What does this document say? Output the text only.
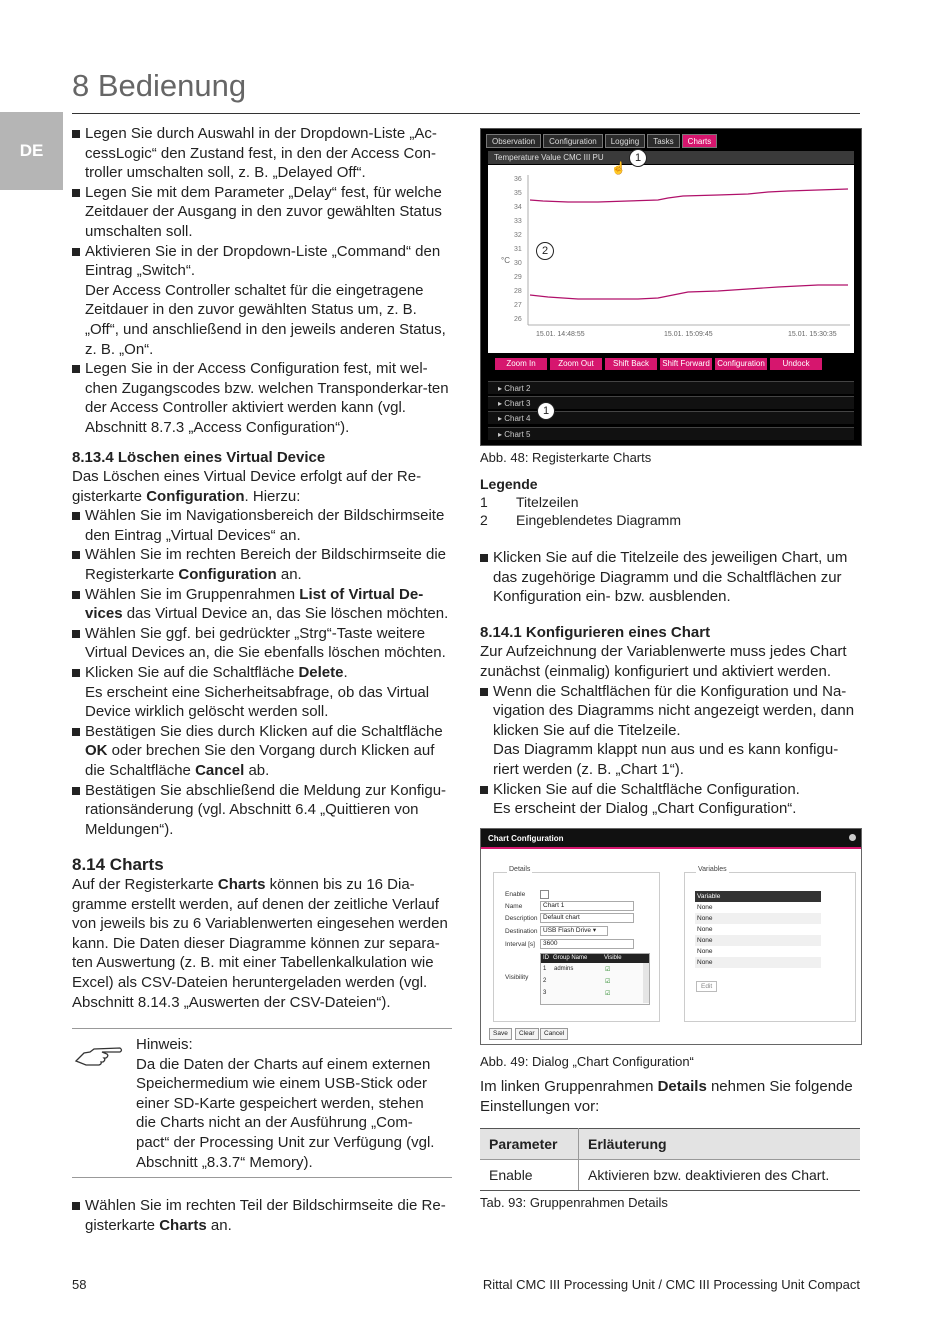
8 Bedienung
DE

Legen Sie durch Auswahl in der Dropdown-Liste „Ac-cessLogic“ den Zustand fest, in den der Access Con-troller umschalten soll, z. B. „Delayed Off“.

Legen Sie mit dem Parameter „Delay“ fest, für welche Zeitdauer der Ausgang in den zuvor gewählten Status umschalten soll.

Aktivieren Sie in der Dropdown-Liste „Command“ den Eintrag „Switch“.
Der Access Controller schaltet für die eingetragene Zeitdauer in den zuvor gewählten Status um, z. B. „Off“, und anschließend in den jeweils anderen Status, z. B. „On“.

Legen Sie in der Access Configuration fest, mit wel-chen Zugangscodes bzw. welchen Transponderkar-ten der Access Controller aktiviert werden kann (vgl. Abschnitt 8.7.3 „Access Configuration“).

8.13.4 Löschen eines Virtual Device

Das Löschen eines Virtual Device erfolgt auf der Re-gisterkarte Configuration. Hierzu:

Wählen Sie im Navigationsbereich der Bildschirmseite den Eintrag „Virtual Devices“ an.

Wählen Sie im rechten Bereich der Bildschirmseite die Registerkarte Configuration an.

Wählen Sie im Gruppenrahmen List of Virtual De-vices das Virtual Device an, das Sie löschen möchten.

Wählen Sie ggf. bei gedrückter „Strg“-Taste weitere Virtual Devices an, die Sie ebenfalls löschen möchten.

Klicken Sie auf die Schaltfläche Delete.
Es erscheint eine Sicherheitsabfrage, ob das Virtual Device wirklich gelöscht werden soll.

Bestätigen Sie dies durch Klicken auf die Schaltfläche OK oder brechen Sie den Vorgang durch Klicken auf die Schaltfläche Cancel ab.

Bestätigen Sie abschließend die Meldung zur Konfigu-rationsänderung (vgl. Abschnitt 6.4 „Quittieren von Meldungen“).

8.14 Charts

Auf der Registerkarte Charts können bis zu 16 Dia-gramme erstellt werden, auf denen der zeitliche Verlauf von jeweils bis zu 6 Variablenwerten eingesehen werden kann. Die Daten dieser Diagramme können zur separa-ten Auswertung (z. B. mit einer Tabellenkalkulation wie Excel) als CSV-Dateien heruntergeladen werden (vgl. Abschnitt 8.14.3 „Auswerten der CSV-Dateien“).

Hinweis:
Da die Daten der Charts auf einem externen Speichermedium wie einem USB-Stick oder einer SD-Karte gespeichert werden, stehen die Charts nicht an der Ausführung „Com-pact“ der Processing Unit zur Verfügung (vgl. Abschnitt „8.3.7“ Memory).

Wählen Sie im rechten Teil der Bildschirmseite die Re-gisterkarte Charts an.

Observation	Configuration	Logging	Tasks	Charts
Temperature Value CMC III PU
36
35
34
33
32
31
30
29
28
27
26
°C
15.01. 14:48:55	15.01. 15:09:45	15.01. 15:30:35
1
☝
2
Zoom In	Zoom Out	Shift Back	Shift Forward Configuration	Undock
▸ Chart 2
▸ Chart 3
▸ Chart 4
▸ Chart 5
1
Abb. 48: Registerkarte Charts
Legende
1 Titelzeilen
2 Eingeblendetes Diagramm

Klicken Sie auf die Titelzeile des jeweiligen Chart, um das zugehörige Diagramm und die Schaltflächen zur Konfiguration ein- bzw. ausblenden.

8.14.1 Konfigurieren eines Chart

Zur Aufzeichnung der Variablenwerte muss jedes Chart zunächst (einmalig) konfiguriert und aktiviert werden.

Wenn die Schaltflächen für die Konfiguration und Na-vigation des Diagramms nicht angezeigt werden, dann klicken Sie auf die Titelzeile.
Das Diagramm klappt nun aus und es kann konfigu-riert werden (z. B. „Chart 1“).

Klicken Sie auf die Schaltfläche Configuration.
Es erscheint der Dialog „Chart Configuration“.

Chart Configuration
Details
Enable
Name	Chart 1
Description Default chart
Destination USB Flash Drive ▾
Interval [s]	3600
Visibility
ID Group Name	Visible
1 admins	☑
2	☑
3	☑
Variables
Variable
None
None
None
None
None
None
Edit
Save	Clear	Cancel
Abb. 49: Dialog „Chart Configuration“

Im linken Gruppenrahmen Details nehmen Sie folgende Einstellungen vor:

Parameter	Erläuterung
Enable	Aktivieren bzw. deaktivieren des Chart.
Tab. 93: Gruppenrahmen Details
58	Rittal CMC III Processing Unit / CMC III Processing Unit Compact
